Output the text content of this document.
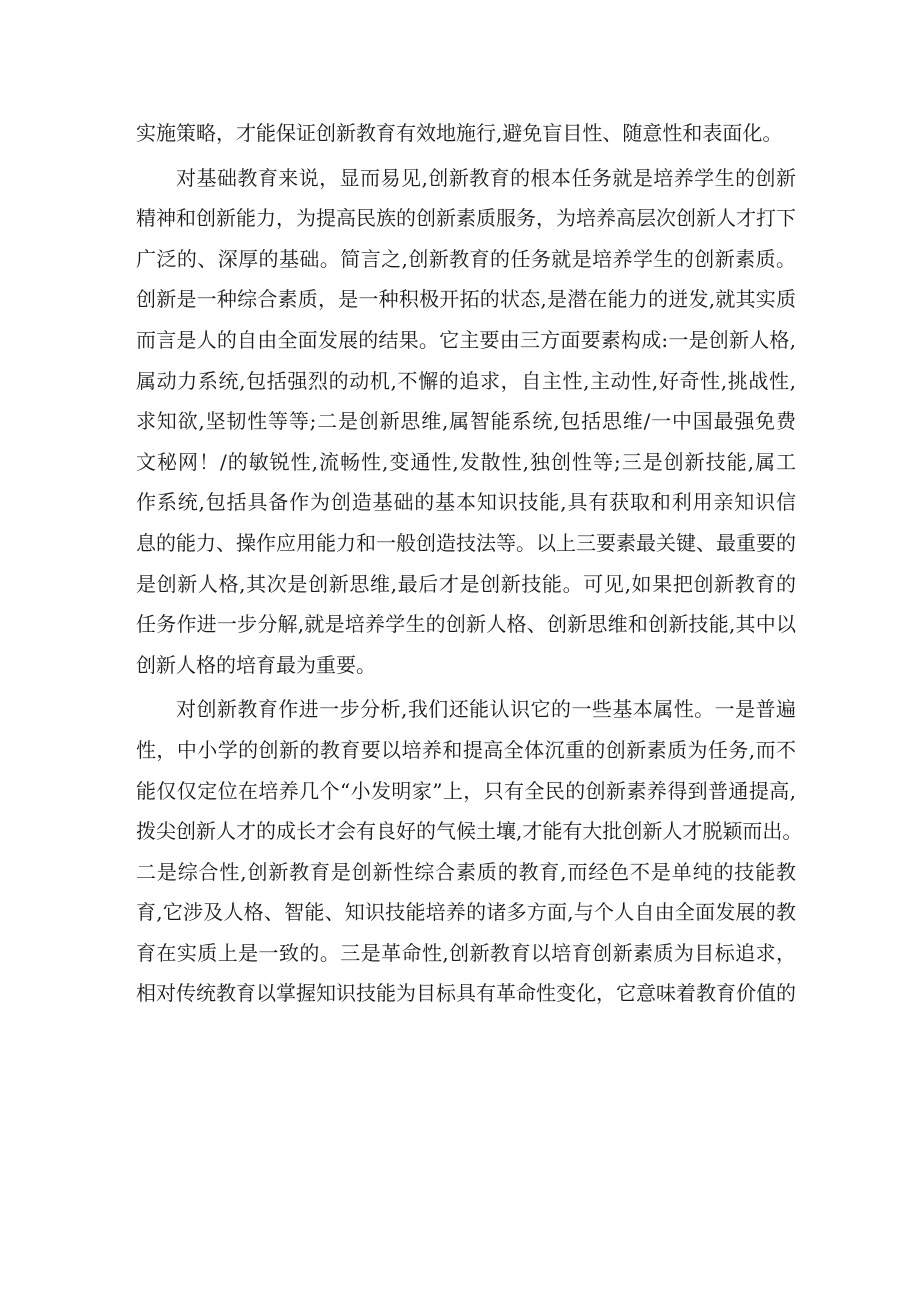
实施策略，才能保证创新教育有效地施行,避免盲目性、随意性和表面化。
对基础教育来说，显而易见,创新教育的根本任务就是培养学生的创新
精神和创新能力，为提高民族的创新素质服务，为培养高层次创新人才打下
广泛的、深厚的基础。简言之,创新教育的任务就是培养学生的创新素质。
创新是一种综合素质，是一种积极开拓的状态,是潜在能力的迸发,就其实质
而言是人的自由全面发展的结果。它主要由三方面要素构成:一是创新人格,
属动力系统,包括强烈的动机,不懈的追求，自主性,主动性,好奇性,挑战性,
求知欲,坚韧性等等;二是创新思维,属智能系统,包括思维/一中国最强免费
文秘网！/的敏锐性,流畅性,变通性,发散性,独创性等;三是创新技能,属工
作系统,包括具备作为创造基础的基本知识技能,具有获取和利用亲知识信
息的能力、操作应用能力和一般创造技法等。以上三要素最关键、最重要的
是创新人格,其次是创新思维,最后才是创新技能。可见,如果把创新教育的
任务作进一步分解,就是培养学生的创新人格、创新思维和创新技能,其中以
创新人格的培育最为重要。
对创新教育作进一步分析,我们还能认识它的一些基本属性。一是普遍
性，中小学的创新的教育要以培养和提高全体沉重的创新素质为任务,而不
能仅仅定位在培养几个“小发明家”上，只有全民的创新素养得到普通提高,
拨尖创新人才的成长才会有良好的气候土壤,才能有大批创新人才脱颖而出。
二是综合性,创新教育是创新性综合素质的教育,而经色不是单纯的技能教
育,它涉及人格、智能、知识技能培养的诸多方面,与个人自由全面发展的教
育在实质上是一致的。三是革命性,创新教育以培育创新素质为目标追求，
相对传统教育以掌握知识技能为目标具有革命性变化，它意味着教育价值的
